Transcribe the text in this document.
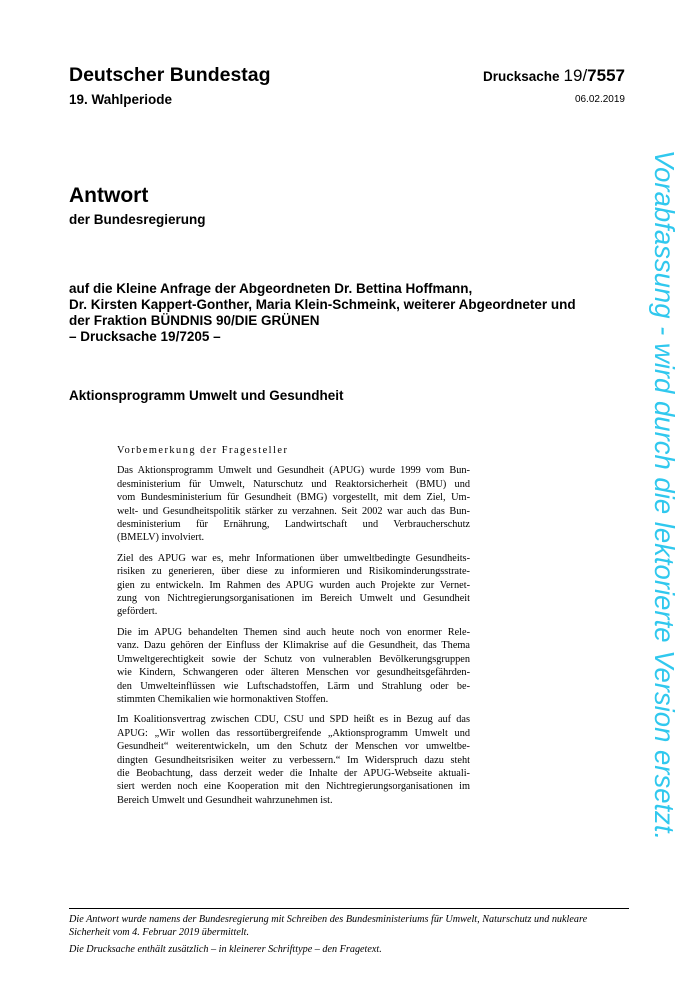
Deutscher Bundestag
19. Wahlperiode
Drucksache 19/7557
06.02.2019
Antwort
der Bundesregierung
auf die Kleine Anfrage der Abgeordneten Dr. Bettina Hoffmann,
Dr. Kirsten Kappert-Gonther, Maria Klein-Schmeink, weiterer Abgeordneter und
der Fraktion BÜNDNIS 90/DIE GRÜNEN
– Drucksache 19/7205 –
Aktionsprogramm Umwelt und Gesundheit
Vorbemerkung der Fragesteller

Das Aktionsprogramm Umwelt und Gesundheit (APUG) wurde 1999 vom Bun-
desministerium für Umwelt, Naturschutz und Reaktorsicherheit (BMU) und
vom Bundesministerium für Gesundheit (BMG) vorgestellt, mit dem Ziel, Um-
welt- und Gesundheitspolitik stärker zu verzahnen. Seit 2002 war auch das Bun-
desministerium für Ernährung, Landwirtschaft und Verbraucherschutz
(BMELV) involviert.

Ziel des APUG war es, mehr Informationen über umweltbedingte Gesundheits-
risiken zu generieren, über diese zu informieren und Risikominderungsstrate-
gien zu entwickeln. Im Rahmen des APUG wurden auch Projekte zur Vernet-
zung von Nichtregierungsorganisationen im Bereich Umwelt und Gesundheit
gefördert.

Die im APUG behandelten Themen sind auch heute noch von enormer Rele-
vanz. Dazu gehören der Einfluss der Klimakrise auf die Gesundheit, das Thema
Umweltgerechtigkeit sowie der Schutz von vulnerablen Bevölkerungsgruppen
wie Kindern, Schwangeren oder älteren Menschen vor gesundheitsgefährden-
den Umwelteinflüssen wie Luftschadstoffen, Lärm und Strahlung oder be-
stimmten Chemikalien wie hormonaktiven Stoffen.

Im Koalitionsvertrag zwischen CDU, CSU und SPD heißt es in Bezug auf das
APUG: „Wir wollen das ressortübergreifende „Aktionsprogramm Umwelt und
Gesundheit“ weiterentwickeln, um den Schutz der Menschen vor umweltbe-
dingten Gesundheitsrisiken weiter zu verbessern.“ Im Widerspruch dazu steht
die Beobachtung, dass derzeit weder die Inhalte der APUG-Webseite aktuali-
siert werden noch eine Kooperation mit den Nichtregierungsorganisationen im
Bereich Umwelt und Gesundheit wahrzunehmen ist.	Vorabfassung - wird durch die lektorierte Version ersetzt.

Die Antwort wurde namens der Bundesregierung mit Schreiben des Bundesministeriums für Umwelt, Naturschutz und nukleare Sicherheit vom 4. Februar 2019 übermittelt.

Die Drucksache enthält zusätzlich – in kleinerer Schrifttype – den Fragetext.
